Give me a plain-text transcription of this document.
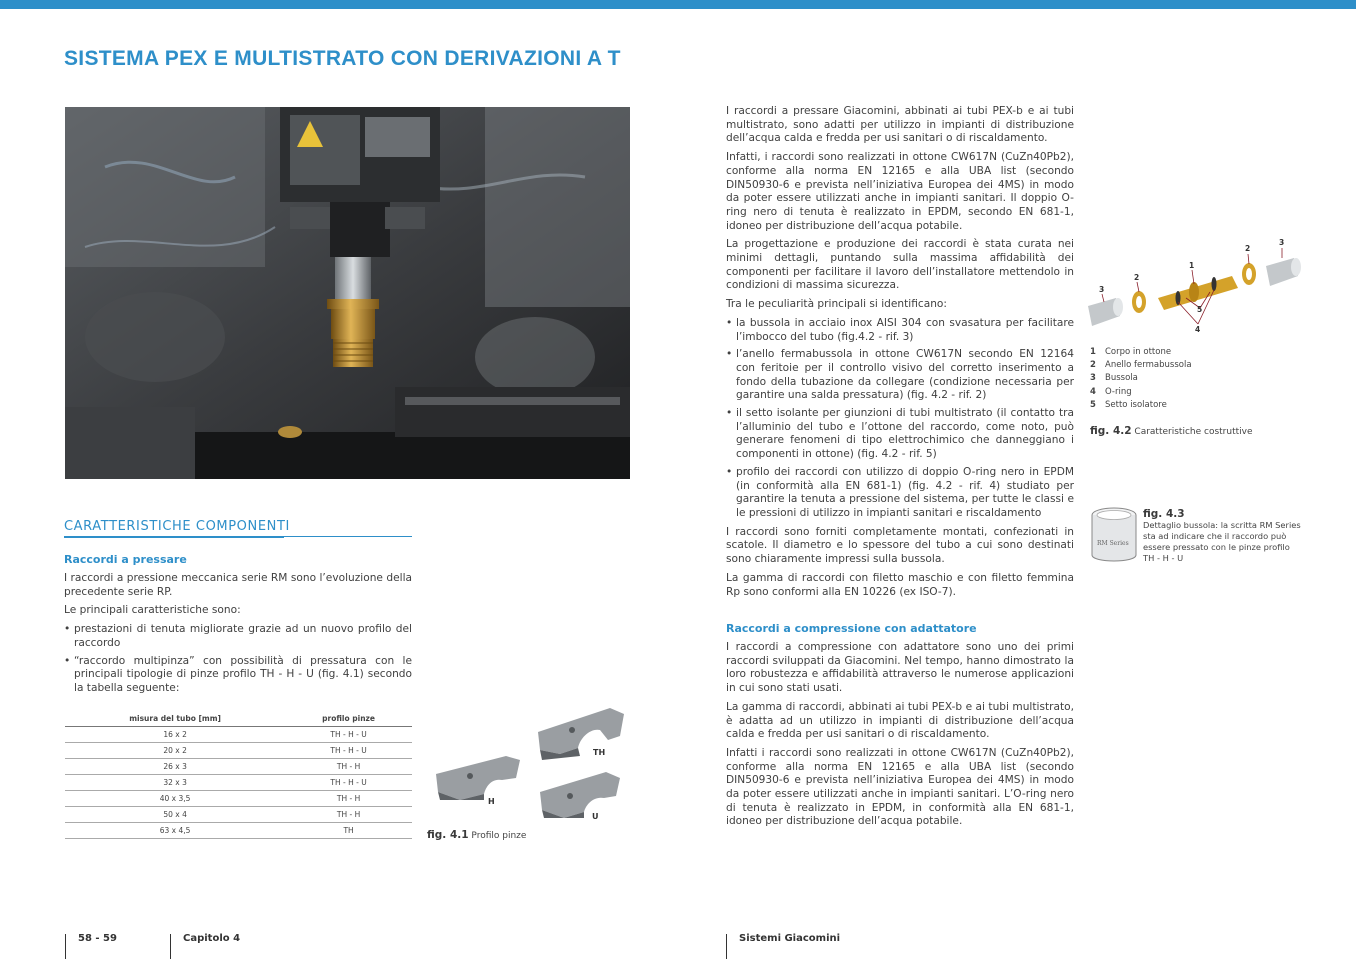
SISTEMA PEX E MULTISTRATO CON DERIVAZIONI A T
CARATTERISTICHE COMPONENTI
Raccordi a pressare

I raccordi a pressione meccanica serie RM sono l’evoluzione della precedente serie RP.

Le principali caratteristiche sono:

• prestazioni di tenuta migliorate grazie ad un nuovo profilo del raccordo
• “raccordo multipinza” con possibilità di pressatura con le principali tipologie di pinze profilo TH - H - U (fig. 4.1) secondo la tabella seguente:
misura del tubo [mm]	profilo pinze
16 x 2	TH - H - U
20 x 2	TH - H - U
26 x 3	TH - H
32 x 3	TH - H - U
40 x 3,5	TH - H
50 x 4	TH - H
63 x 4,5	TH
TH
H
U
fig. 4.1 Profilo pinze

I raccordi a pressare Giacomini, abbinati ai tubi PEX-b e ai tubi multistrato, sono adatti per utilizzo in impianti di distribuzione dell’acqua calda e fredda per usi sanitari o di riscaldamento.

Infatti, i raccordi sono realizzati in ottone CW617N (CuZn40Pb2), conforme alla norma EN 12165 e alla UBA list (secondo DIN50930-6 e prevista nell’iniziativa Europea dei 4MS) in modo da poter essere utilizzati anche in impianti sanitari. Il doppio O-ring nero di tenuta è realizzato in EPDM, secondo EN 681-1, idoneo per distribuzione dell’acqua potabile.

La progettazione e produzione dei raccordi è stata curata nei minimi dettagli, puntando sulla massima affidabilità dei componenti per facilitare il lavoro dell’installatore mettendolo in condizioni di massima sicurezza.

Tra le peculiarità principali si identificano:

• la bussola in acciaio inox AISI 304 con svasatura per facilitare l’imbocco del tubo (fig.4.2 - rif. 3)
• l’anello fermabussola in ottone CW617N secondo EN 12164 con feritoie per il controllo visivo del corretto inserimento a fondo della tubazione da collegare (condizione necessaria per garantire una salda pressatura) (fig. 4.2 - rif. 2)
• il setto isolante per giunzioni di tubi multistrato (il contatto tra l’alluminio del tubo e l’ottone del raccordo, come noto, può generare fenomeni di tipo elettrochimico che danneggiano i componenti in ottone) (fig. 4.2 - rif. 5)
• profilo dei raccordi con utilizzo di doppio O-ring nero in EPDM (in conformità alla EN 681-1) (fig. 4.2 - rif. 4) studiato per garantire la tenuta a pressione del sistema, per tutte le classi e le pressioni di utilizzo in impianti sanitari e riscaldamento

I raccordi sono forniti completamente montati, confezionati in scatole. Il diametro e lo spessore del tubo a cui sono destinati sono chiaramente impressi sulla bussola.

La gamma di raccordi con filetto maschio e con filetto femmina Rp sono conformi alla EN 10226 (ex ISO-7).

Raccordi a compressione con adattatore

I raccordi a compressione con adattatore sono uno dei primi raccordi sviluppati da Giacomini. Nel tempo, hanno dimostrato la loro robustezza e affidabilità attraverso le numerose applicazioni in cui sono stati usati.

La gamma di raccordi, abbinati ai tubi PEX-b e ai tubi multistrato, è adatta ad un utilizzo in impianti di distribuzione dell’acqua calda e fredda per usi sanitari o di riscaldamento.

Infatti i raccordi sono realizzati in ottone CW617N (CuZn40Pb2), conforme alla norma EN 12165 e alla UBA list (secondo DIN50930-6 e prevista nell’iniziativa Europea dei 4MS) in modo da poter essere utilizzati anche in impianti sanitari. L’O-ring nero di tenuta è realizzato in EPDM, in conformità alla EN 681-1, idoneo per distribuzione dell’acqua potabile.

1
2
3
2
3
4
5
1 Corpo in ottone
2 Anello fermabussola
3 Bussola
4 O-ring
5 Setto isolatore
fig. 4.2 Caratteristiche costruttive
RM Series
fig. 4.3
Dettaglio bussola: la scritta RM Series sta ad indicare che il raccordo può essere pressato con le pinze profilo TH - H - U
58 - 59	Capitolo 4	Sistemi Giacomini
